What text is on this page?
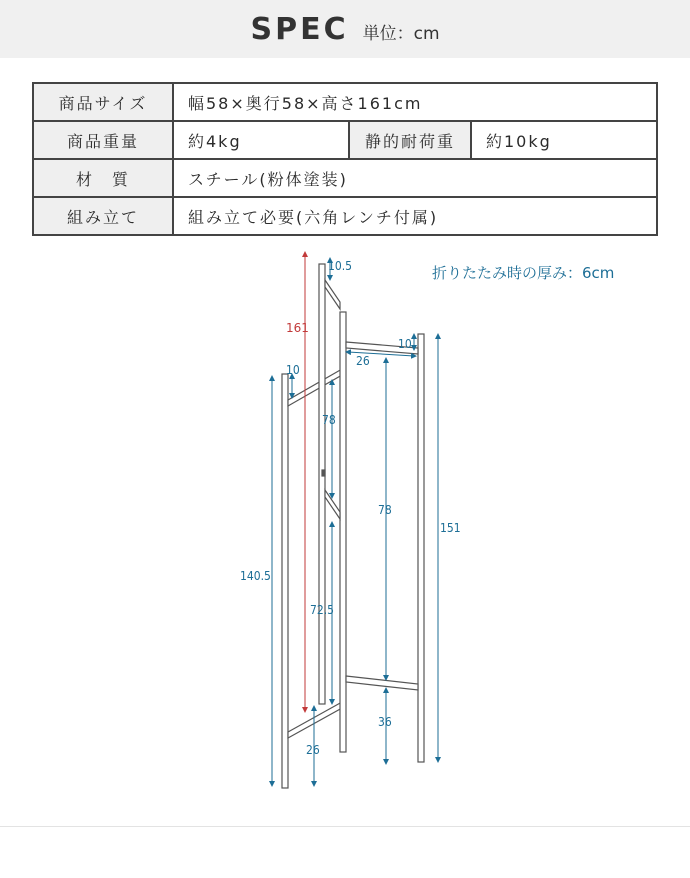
SPEC 単位：cm
商品サイズ	幅58×奥行58×高さ161cm		
商品重量	約4kg	静的耐荷重	約10kg
材　質	スチール(粉体塗装)		
組み立て	組み立て必要(六角レンチ付属)		
折りたたみ時の厚み：6cm
10.5
161
10
26
10
78
78
151
140.5
72.5
36
26
